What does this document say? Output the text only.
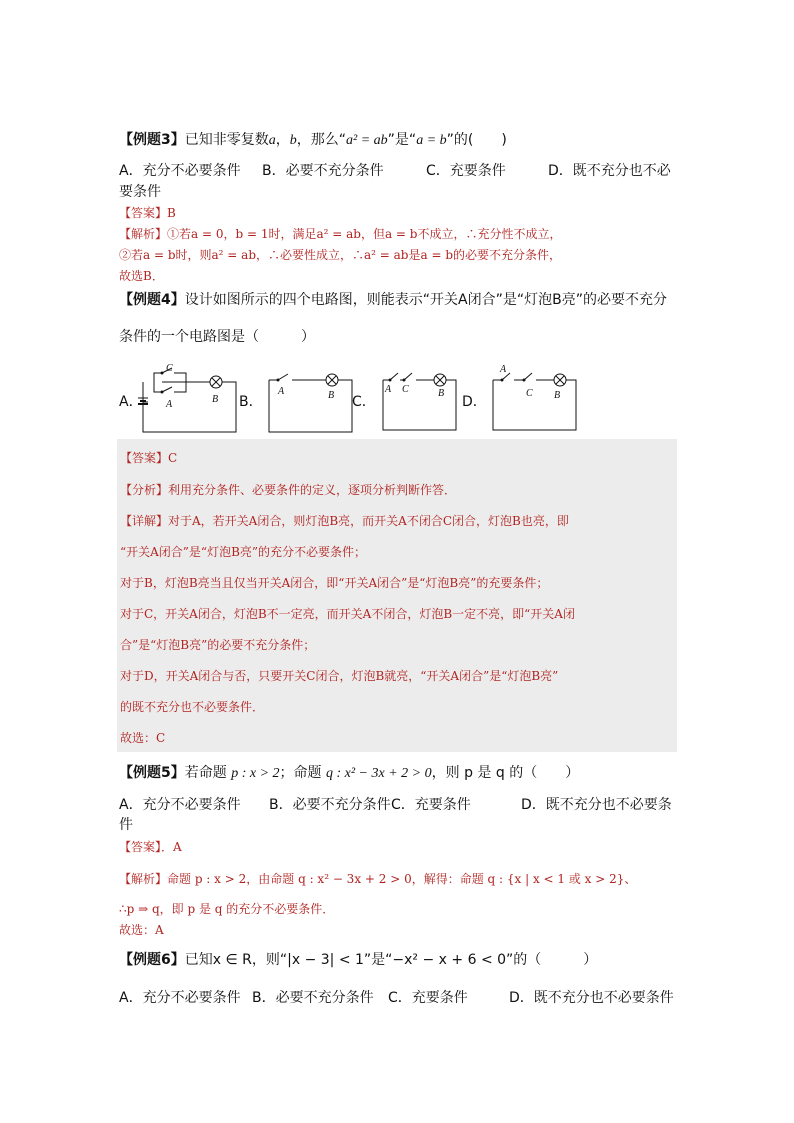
【例题3】已知非零复数a，b，那么“a² = ab”是“a = b”的(　　)
A．充分不必要条件 B．必要不充分条件	C．充要条件	D．既不充分也不必
要条件
【答案】B
【解析】①若a = 0，b = 1时，满足a² = ab，但a = b不成立，∴充分性不成立，
②若a = b时，则a² = ab，∴必要性成立，∴a² = ab是a = b的必要不充分条件，
故选B．
【例题4】设计如图所示的四个电路图，则能表示“开关A闭合”是“灯泡B亮”的必要不充分
条件的一个电路图是（　　　）
A．	B．	C．	D．
C
A	B
A	B
A C	B
A
C B
【答案】C
【分析】利用充分条件、必要条件的定义，逐项分析判断作答．
【详解】对于A，若开关A闭合，则灯泡B亮，而开关A不闭合C闭合，灯泡B也亮，即
“开关A闭合”是“灯泡B亮”的充分不必要条件；
对于B，灯泡B亮当且仅当开关A闭合，即“开关A闭合”是“灯泡B亮”的充要条件；
对于C，开关A闭合，灯泡B不一定亮，而开关A不闭合，灯泡B一定不亮，即“开关A闭
合”是“灯泡B亮”的必要不充分条件；
对于D，开关A闭合与否，只要开关C闭合，灯泡B就亮，“开关A闭合”是“灯泡B亮”
的既不充分也不必要条件．
故选：C
【例题5】若命题 p : x > 2；命题 q : x² − 3x + 2 > 0，则 p 是 q 的（　　）
A．充分不必要条件 B．必要不充分条件 C．充要条件	D．既不充分也不必要条
件
【答案】．A
【解析】命题 p : x > 2，由命题 q : x² − 3x + 2 > 0，解得：命题 q : {x | x < 1 或 x > 2}、
∴p ⇒ q，即 p 是 q 的充分不必要条件．
故选：A
【例题6】已知x ∈ R，则“|x − 3| < 1”是“−x² − x + 6 < 0”的（　　　）
A．充分不必要条件 B．必要不充分条件 C．充要条件	D．既不充分也不必要条件
